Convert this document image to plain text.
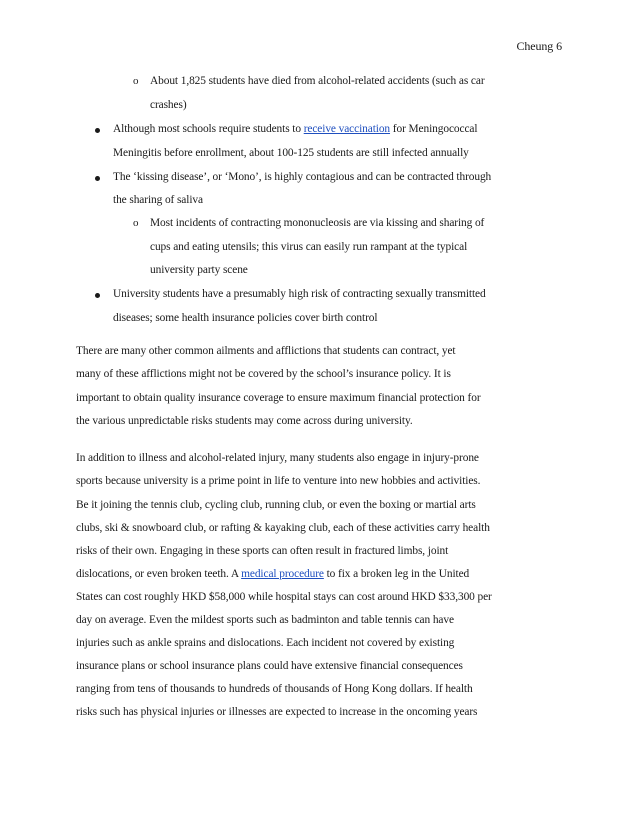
Cheung 6
o About 1,825 students have died from alcohol-related accidents (such as car
crashes)
Although most schools require students to receive vaccination for Meningococcal
Meningitis before enrollment, about 100-125 students are still infected annually
The ‘kissing disease’, or ‘Mono’, is highly contagious and can be contracted through
the sharing of saliva
o Most incidents of contracting mononucleosis are via kissing and sharing of
cups and eating utensils; this virus can easily run rampant at the typical
university party scene
University students have a presumably high risk of contracting sexually transmitted
diseases; some health insurance policies cover birth control
There are many other common ailments and afflictions that students can contract, yet
many of these afflictions might not be covered by the school’s insurance policy. It is
important to obtain quality insurance coverage to ensure maximum financial protection for
the various unpredictable risks students may come across during university.
In addition to illness and alcohol-related injury, many students also engage in injury-prone
sports because university is a prime point in life to venture into new hobbies and activities.
Be it joining the tennis club, cycling club, running club, or even the boxing or martial arts
clubs, ski & snowboard club, or rafting & kayaking club, each of these activities carry health
risks of their own. Engaging in these sports can often result in fractured limbs, joint
dislocations, or even broken teeth. A medical procedure to fix a broken leg in the United
States can cost roughly HKD $58,000 while hospital stays can cost around HKD $33,300 per
day on average. Even the mildest sports such as badminton and table tennis can have
injuries such as ankle sprains and dislocations. Each incident not covered by existing
insurance plans or school insurance plans could have extensive financial consequences
ranging from tens of thousands to hundreds of thousands of Hong Kong dollars. If health
risks such has physical injuries or illnesses are expected to increase in the oncoming years
